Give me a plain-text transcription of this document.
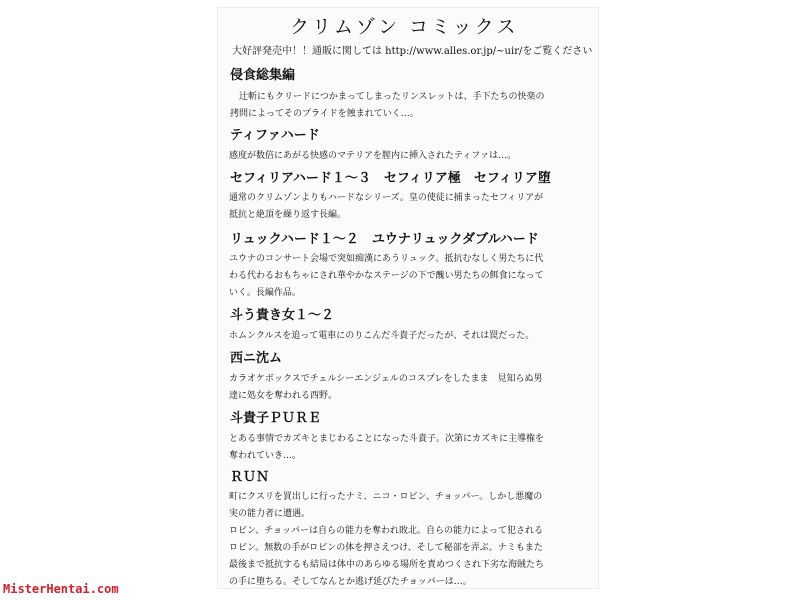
クリムゾン コミックス
大好評発売中！！通販に関しては http://www.alles.or.jp/~uir/をご覧ください
侵食総集編
　辻斬にもクリードにつかまってしまったリンスレットは、手下たちの快楽の
拷問によってそのプライドを蝕まれていく…。
ティファハード
感度が数倍にあがる快感のマテリアを膣内に挿入されたティファは…。
セフィリアハード１〜３　セフィリア極　セフィリア堕
通常のクリムゾンよりもハードなシリーズ。皇の使徒に捕まったセフィリアが
抵抗と絶頂を繰り返す長編。
リュックハード１〜２　ユウナリュックダブルハード
ユウナのコンサート会場で突如痴漢にあうリュック。抵抗むなしく男たちに代
わる代わるおもちゃにされ華やかなステージの下で醜い男たちの餌食になって
いく。長編作品。
斗う貴き女１〜２
ホムンクルスを追って電車にのりこんだ斗貴子だったが、それは罠だった。
西ニ沈ム
カラオケボックスでチェルシーエンジェルのコスプレをしたまま　見知らぬ男
達に処女を奪われる西野。
斗貴子ＰＵＲＥ
とある事情でカズキとまじわることになった斗貴子。次第にカズキに主導権を
奪われていき…。
ＲＵＮ
町にクスリを買出しに行ったナミ、ニコ・ロビン、チョッパー。しかし悪魔の
実の能力者に遭遇。
ロビン、チョッパーは自らの能力を奪われ敗北。自らの能力によって犯される
ロビン。無数の手がロビンの体を押さえつけ、そして秘部を弄ぶ。ナミもまた
最後まで抵抗するも結局は体中のあらゆる場所を責めつくされ下劣な海賊たち
の手に堕ちる。そしてなんとか逃げ延びたチョッパーは…。
MisterHentai.com
